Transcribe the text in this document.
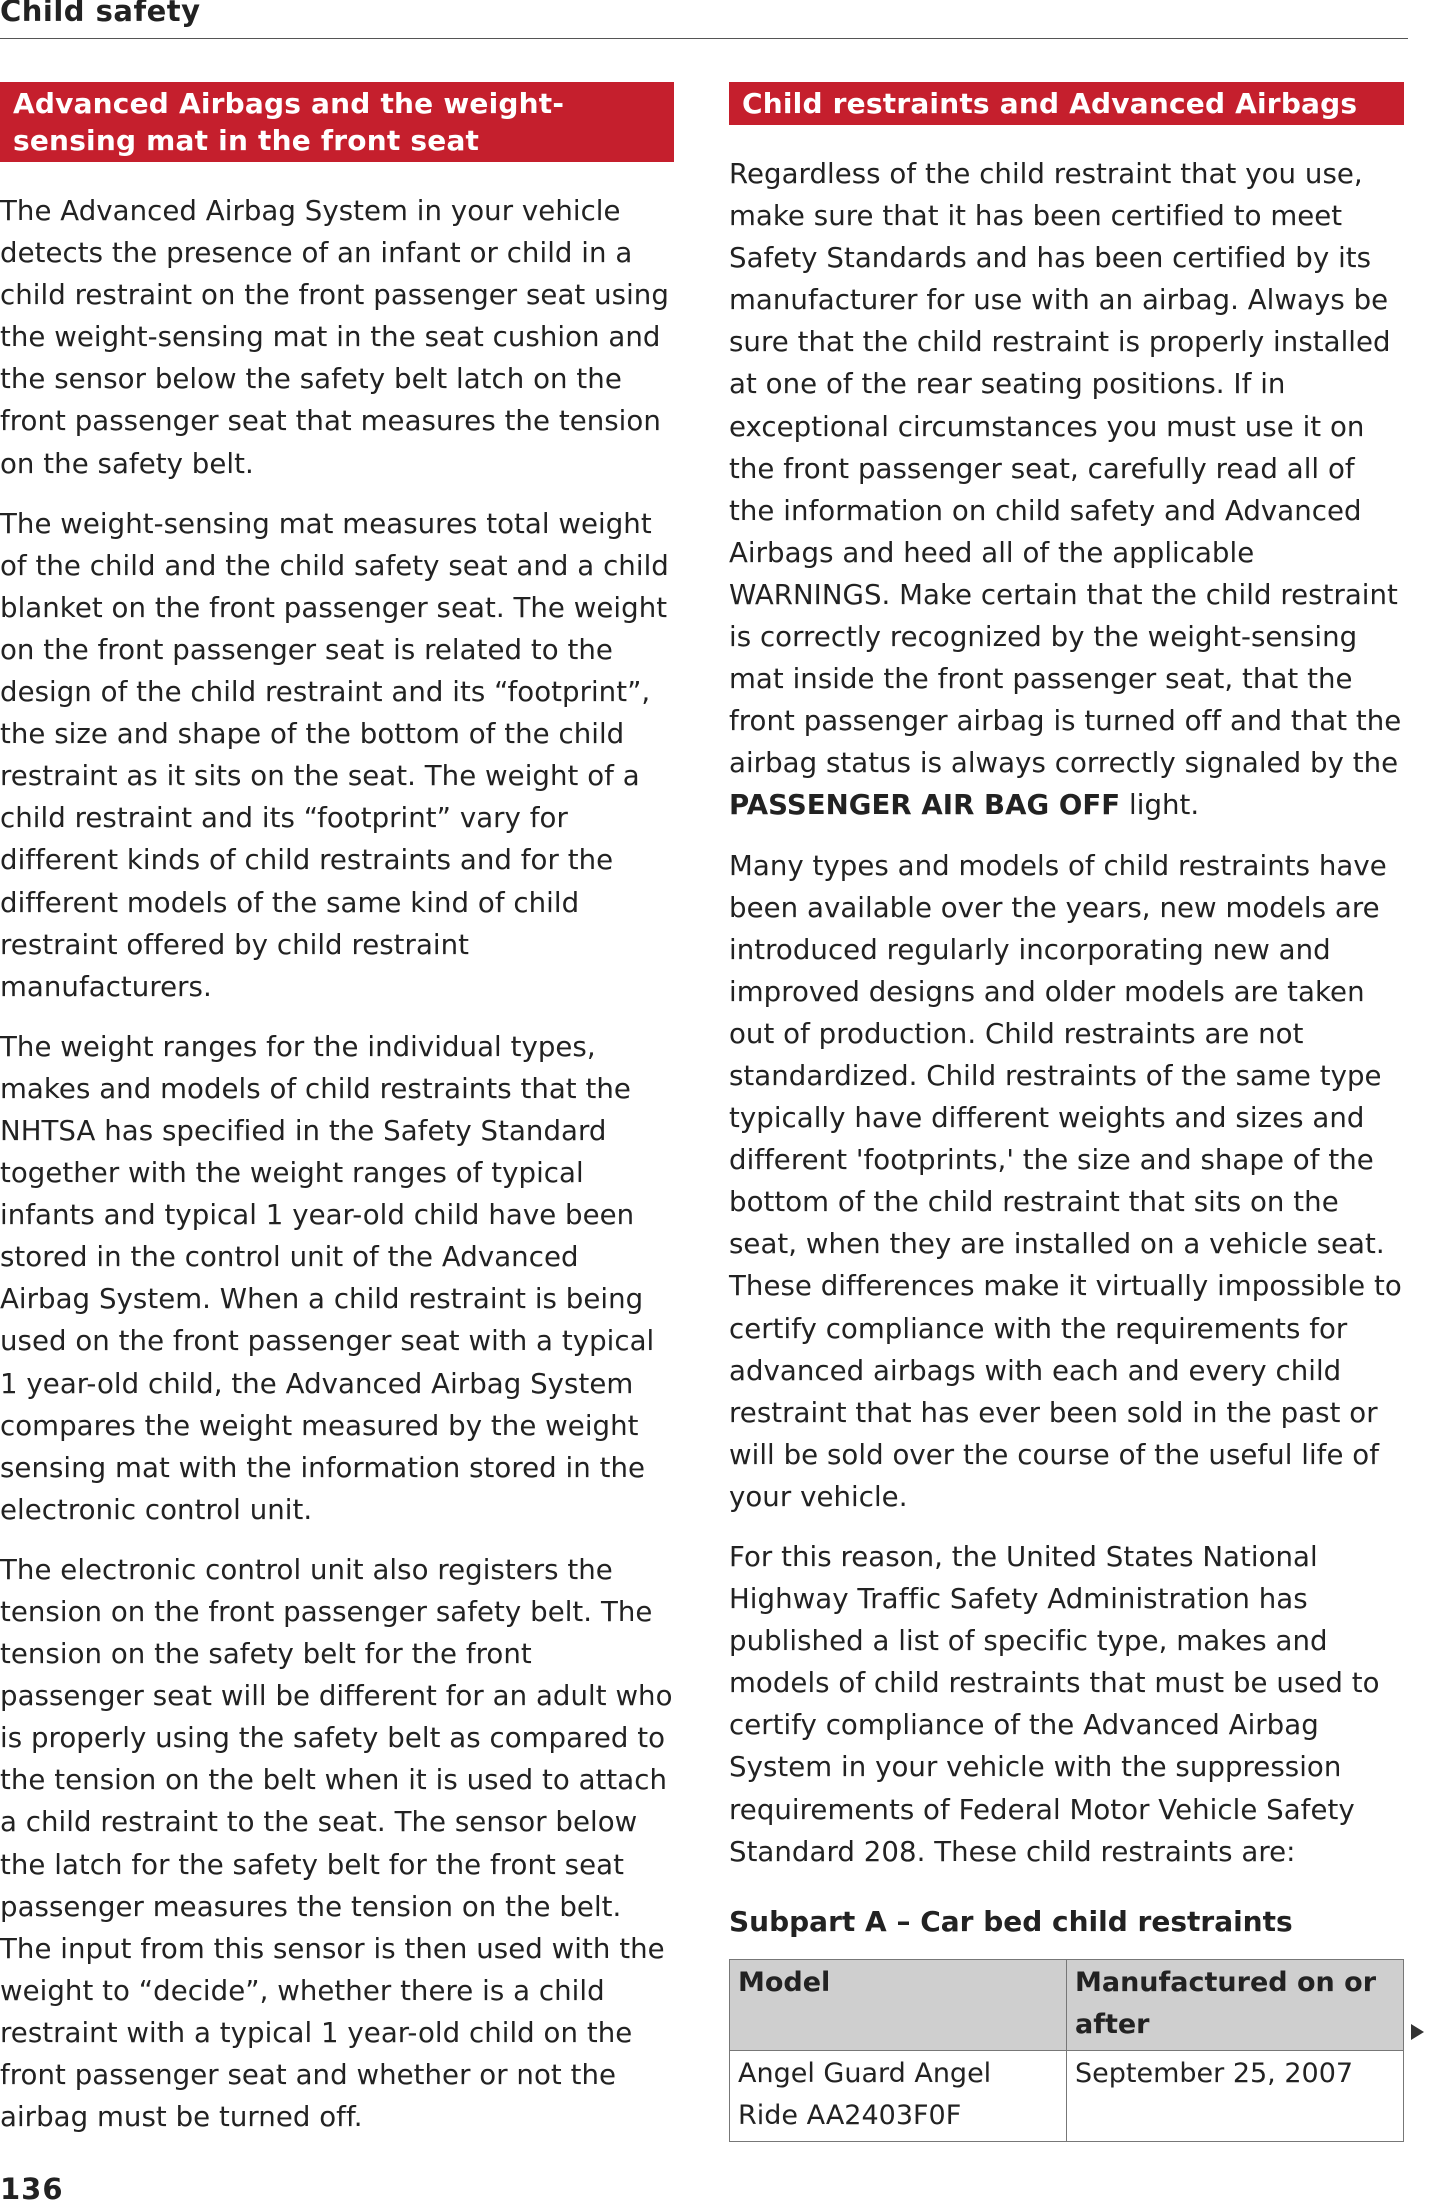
Child safety
Advanced Airbags and the weight-sensing mat in the front seat

The Advanced Airbag System in your vehicle detects the presence of an infant or child in a child restraint on the front passenger seat using the weight-sensing mat in the seat cushion and the sensor below the safety belt latch on the front passenger seat that measures the tension on the safety belt.

The weight-sensing mat measures total weight of the child and the child safety seat and a child blanket on the front passenger seat. The weight on the front passenger seat is related to the design of the child restraint and its “footprint”, the size and shape of the bottom of the child restraint as it sits on the seat. The weight of a child restraint and its “footprint” vary for different kinds of child restraints and for the different models of the same kind of child restraint offered by child restraint manufacturers.

The weight ranges for the individual types, makes and models of child restraints that the NHTSA has specified in the Safety Standard together with the weight ranges of typical infants and typical 1 year-old child have been stored in the control unit of the Advanced Airbag System. When a child restraint is being used on the front passenger seat with a typical 1 year-old child, the Advanced Airbag System compares the weight measured by the weight sensing mat with the information stored in the electronic control unit.

The electronic control unit also registers the tension on the front passenger safety belt. The tension on the safety belt for the front passenger seat will be different for an adult who is properly using the safety belt as compared to the tension on the belt when it is used to attach a child restraint to the seat. The sensor below the latch for the safety belt for the front seat passenger measures the tension on the belt. The input from this sensor is then used with the weight to “decide”, whether there is a child restraint with a typical 1 year-old child on the front passenger seat and whether or not the airbag must be turned off.

Child restraints and Advanced Airbags

Regardless of the child restraint that you use, make sure that it has been certified to meet Safety Standards and has been certified by its manufacturer for use with an airbag. Always be sure that the child restraint is properly installed at one of the rear seating positions. If in exceptional circumstances you must use it on the front passenger seat, carefully read all of the information on child safety and Advanced Airbags and heed all of the applicable WARNINGS. Make certain that the child restraint is correctly recognized by the weight-sensing mat inside the front passenger seat, that the front passenger airbag is turned off and that the airbag status is always correctly signaled by the PASSENGER AIR BAG OFF light.

Many types and models of child restraints have been available over the years, new models are introduced regularly incorporating new and improved designs and older models are taken out of production. Child restraints are not standardized. Child restraints of the same type typically have different weights and sizes and different 'footprints,' the size and shape of the bottom of the child restraint that sits on the seat, when they are installed on a vehicle seat. These differences make it virtually impossible to certify compliance with the requirements for advanced airbags with each and every child restraint that has ever been sold in the past or will be sold over the course of the useful life of your vehicle.

For this reason, the United States National Highway Traffic Safety Administration has published a list of specific type, makes and models of child restraints that must be used to certify compliance of the Advanced Airbag System in your vehicle with the suppression requirements of Federal Motor Vehicle Safety Standard 208. These child restraints are:

Subpart A – Car bed child restraints
Model	Manufactured on or after
Angel Guard Angel Ride AA2403F0F	September 25, 2007
136
